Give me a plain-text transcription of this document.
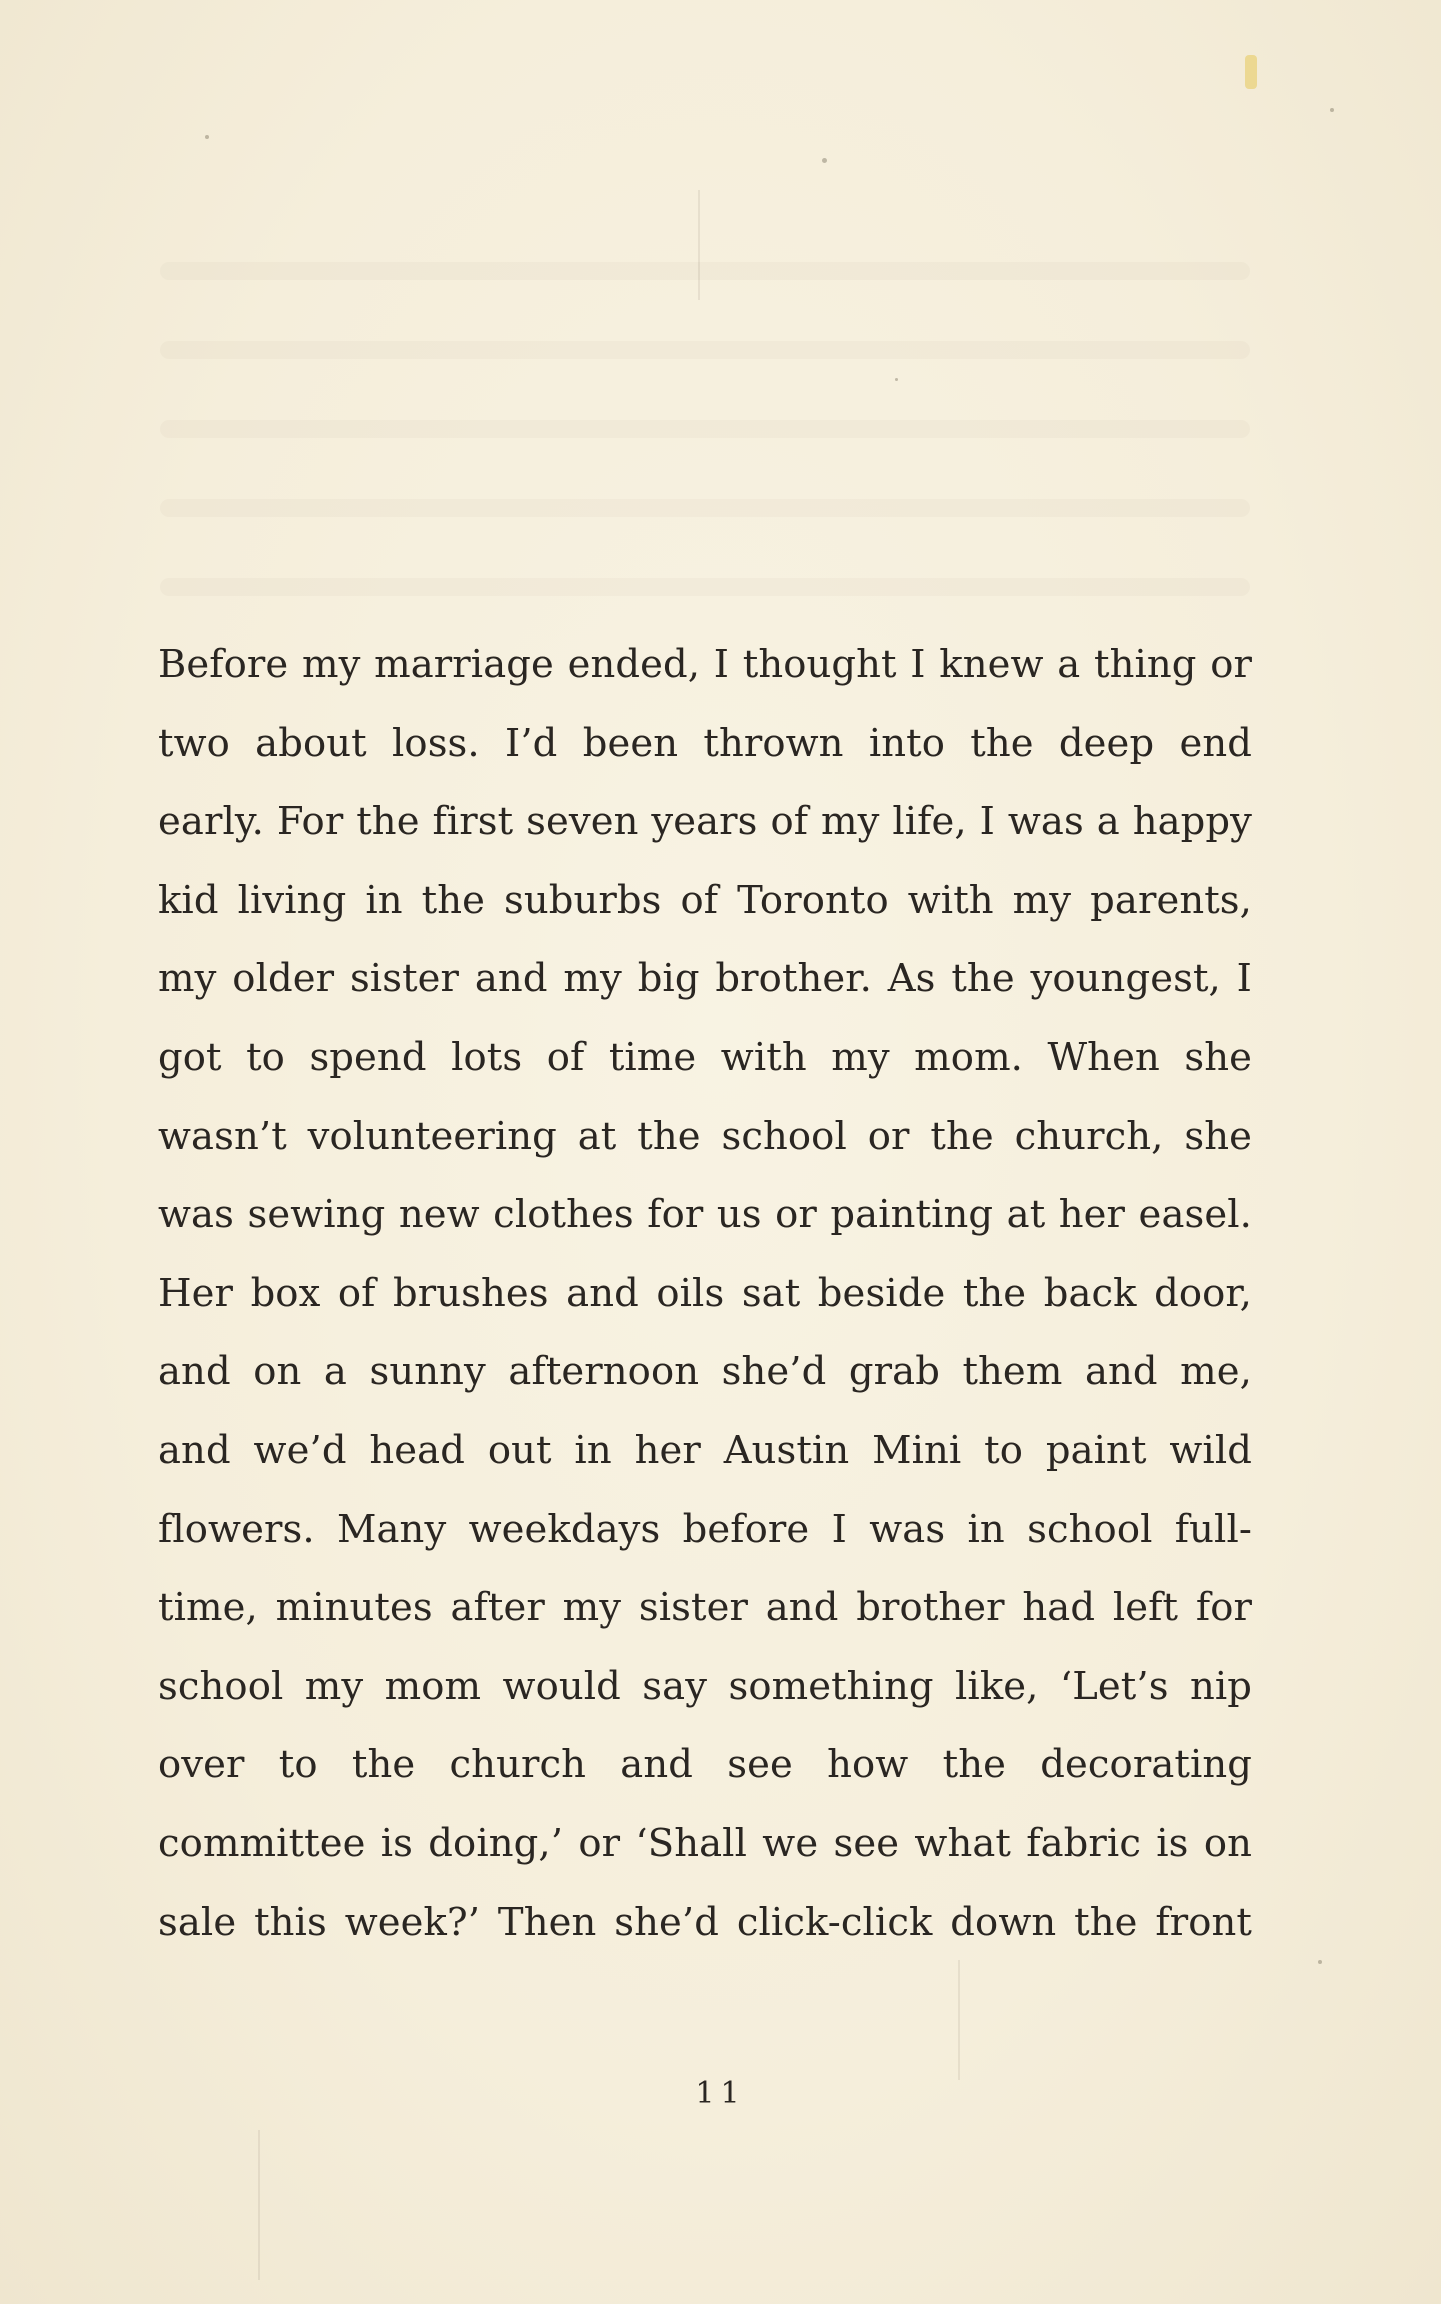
Before my marriage ended, I thought I knew a thing or
two about loss. I’d been thrown into the deep end
early. For the first seven years of my life, I was a happy
kid living in the suburbs of Toronto with my parents,
my older sister and my big brother. As the youngest, I
got to spend lots of time with my mom. When she
wasn’t volunteering at the school or the church, she
was sewing new clothes for us or painting at her easel.
Her box of brushes and oils sat beside the back door,
and on a sunny afternoon she’d grab them and me,
and we’d head out in her Austin Mini to paint wild
flowers. Many weekdays before I was in school full-
time, minutes after my sister and brother had left for
school my mom would say something like, ‘Let’s nip
over to the church and see how the decorating
committee is doing,’ or ‘Shall we see what fabric is on
sale this week?’ Then she’d click-click down the front
11
